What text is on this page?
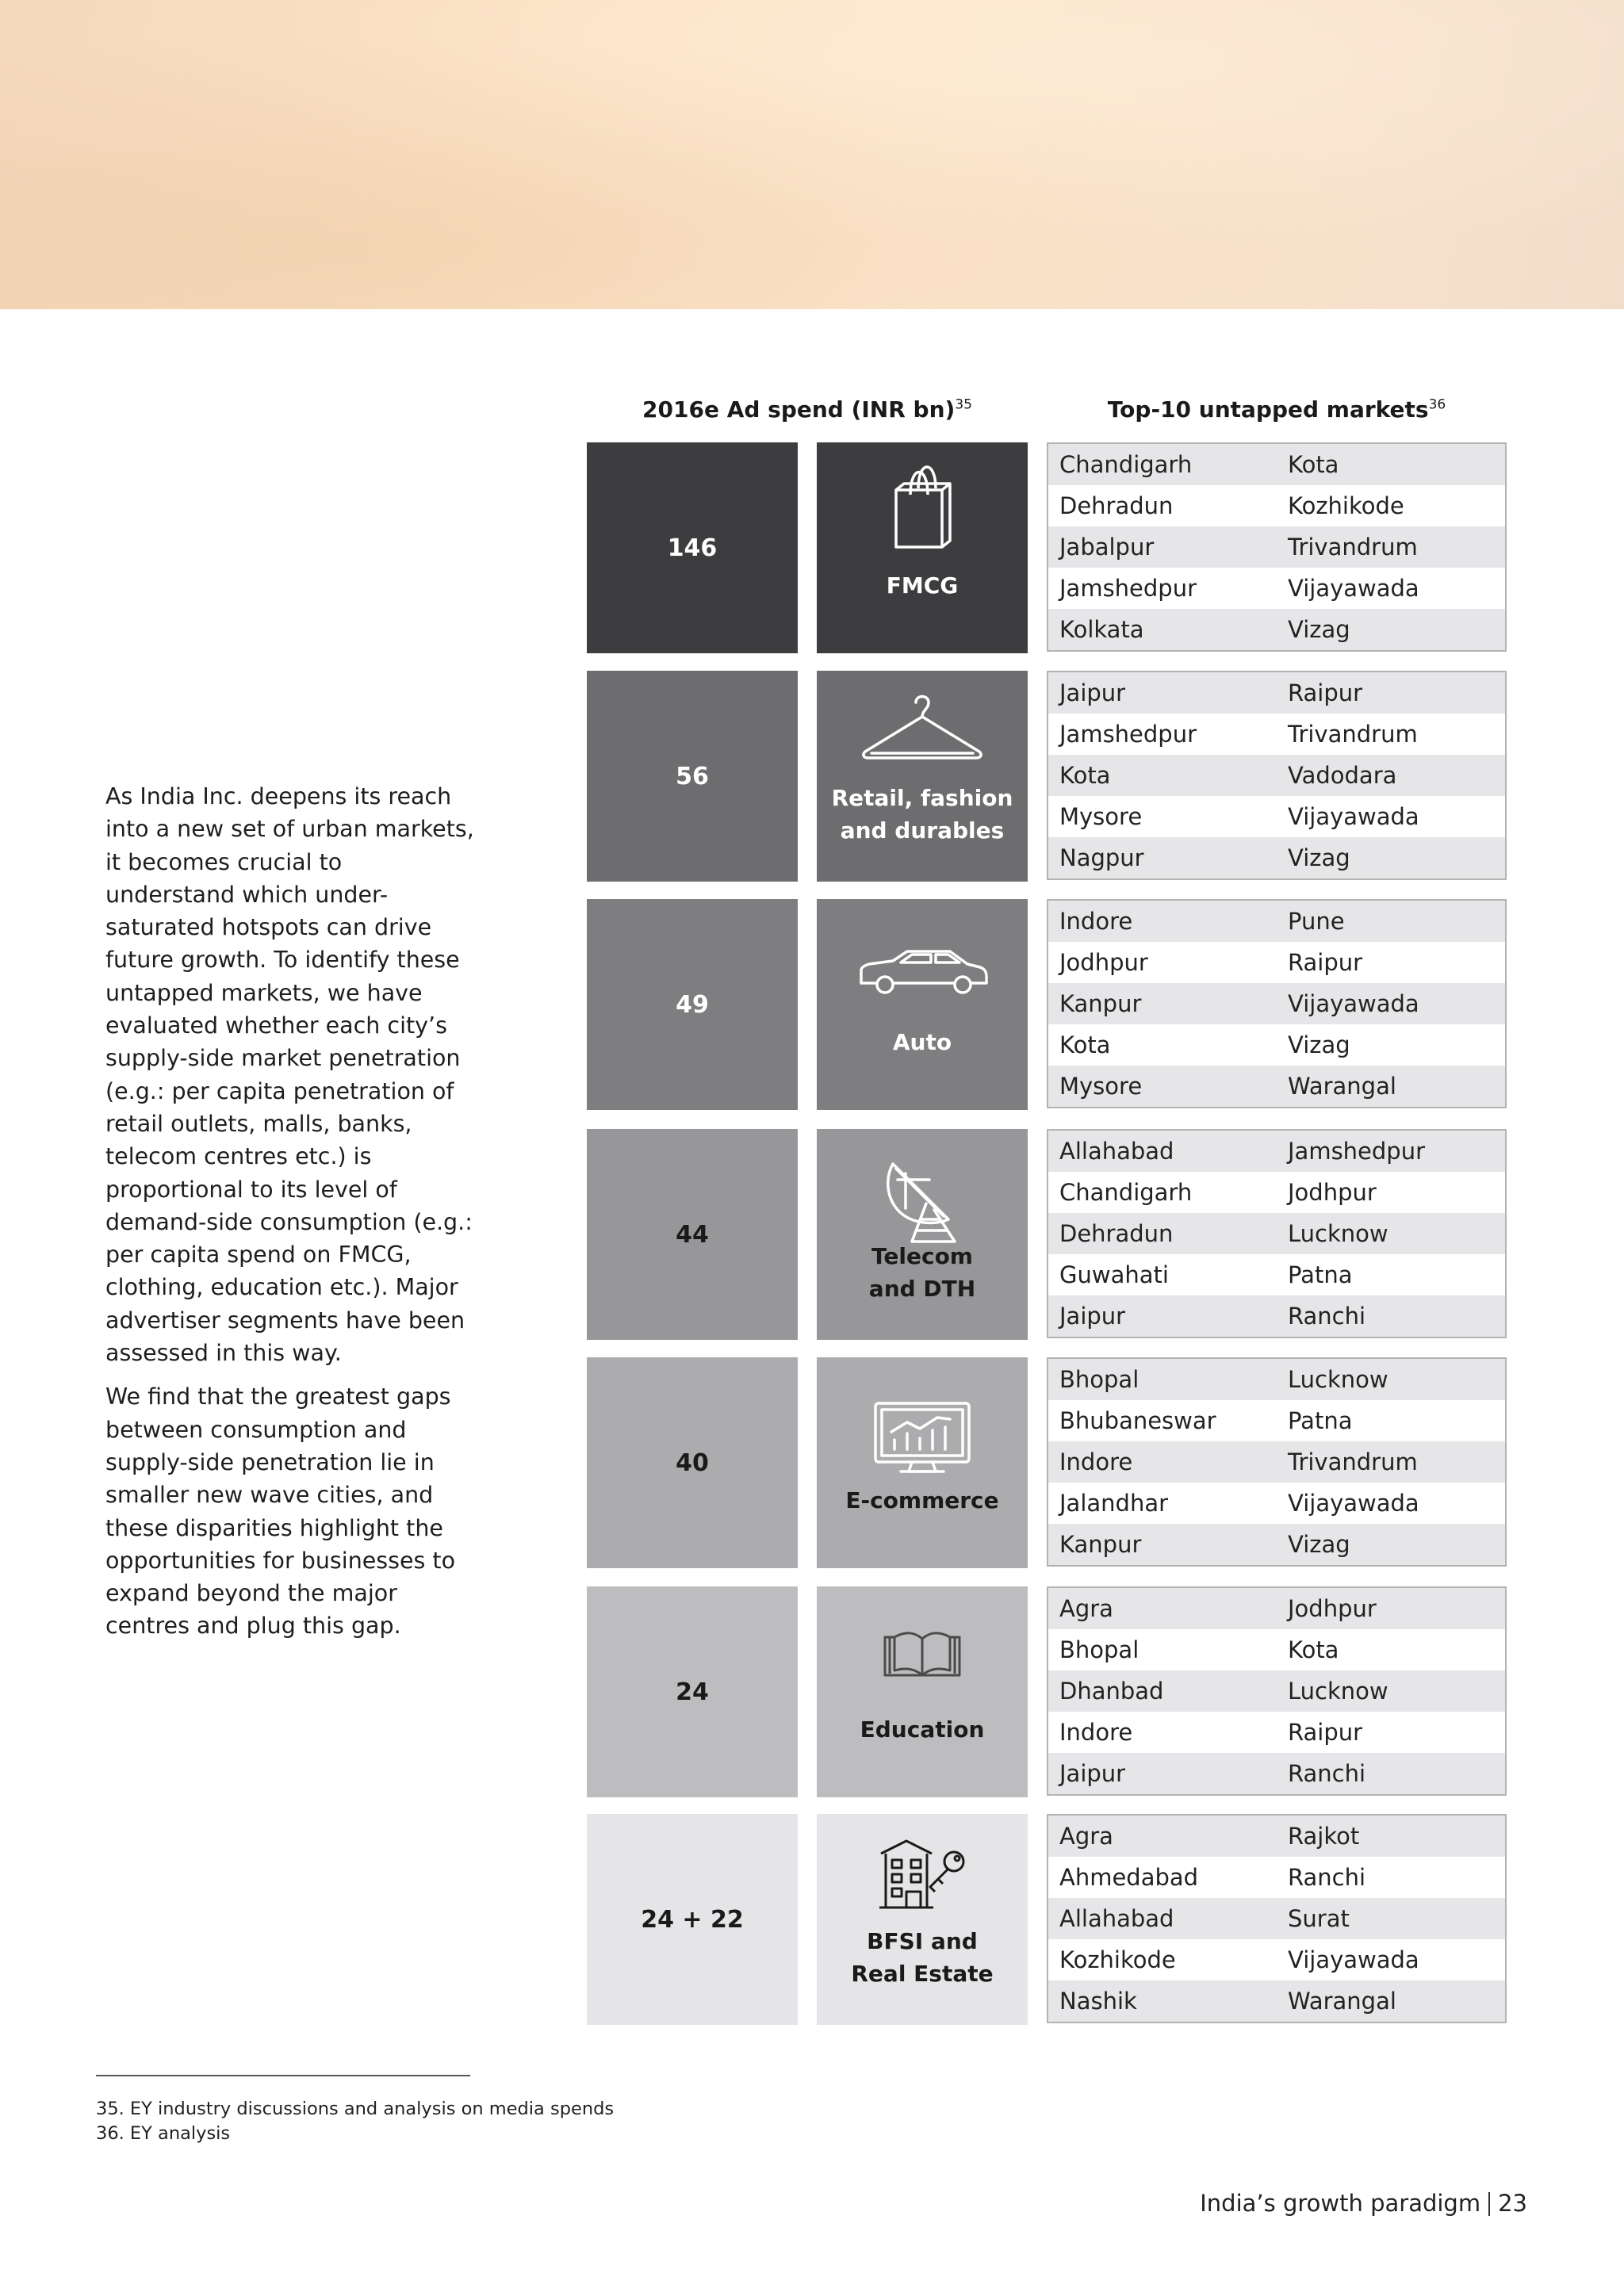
2016e Ad spend (INR bn)$^{35}$	Top-10 untapped markets$^{36}$

As India Inc. deepens its reach into a new set of urban markets, it becomes crucial to understand which under-saturated hotspots can drive future growth. To identify these untapped markets, we have evaluated whether each city’s supply-side market penetration (e.g.: per capita penetration of retail outlets, malls, banks, telecom centres etc.) is proportional to its level of demand-side consumption (e.g.: per capita spend on FMCG, clothing, education etc.). Major advertiser segments have been assessed in this way.

We find that the greatest gaps between consumption and supply-side penetration lie in smaller new wave cities, and these disparities highlight the opportunities for businesses to expand beyond the major centres and plug this gap.

146
FMCG
Chandigarh	Kota
Dehradun	Kozhikode
Jabalpur	Trivandrum
Jamshedpur	Vijayawada
Kolkata	Vizag
56
Retail, fashion
and durables
Jaipur	Raipur
Jamshedpur	Trivandrum
Kota	Vadodara
Mysore	Vijayawada
Nagpur	Vizag
49
Auto
Indore	Pune
Jodhpur	Raipur
Kanpur	Vijayawada
Kota	Vizag
Mysore	Warangal
44
Telecom
and DTH
Allahabad	Jamshedpur
Chandigarh	Jodhpur
Dehradun	Lucknow
Guwahati	Patna
Jaipur	Ranchi
40
E-commerce
Bhopal	Lucknow
Bhubaneswar	Patna
Indore	Trivandrum
Jalandhar	Vijayawada
Kanpur	Vizag
24
Education
Agra	Jodhpur
Bhopal	Kota
Dhanbad	Lucknow
Indore	Raipur
Jaipur	Ranchi
24 + 22
BFSI and
Real Estate
Agra	Rajkot
Ahmedabad	Ranchi
Allahabad	Surat
Kozhikode	Vijayawada
Nashik	Warangal
35. EY industry discussions and analysis on media spends
36. EY analysis
India’s growth paradigm 23
